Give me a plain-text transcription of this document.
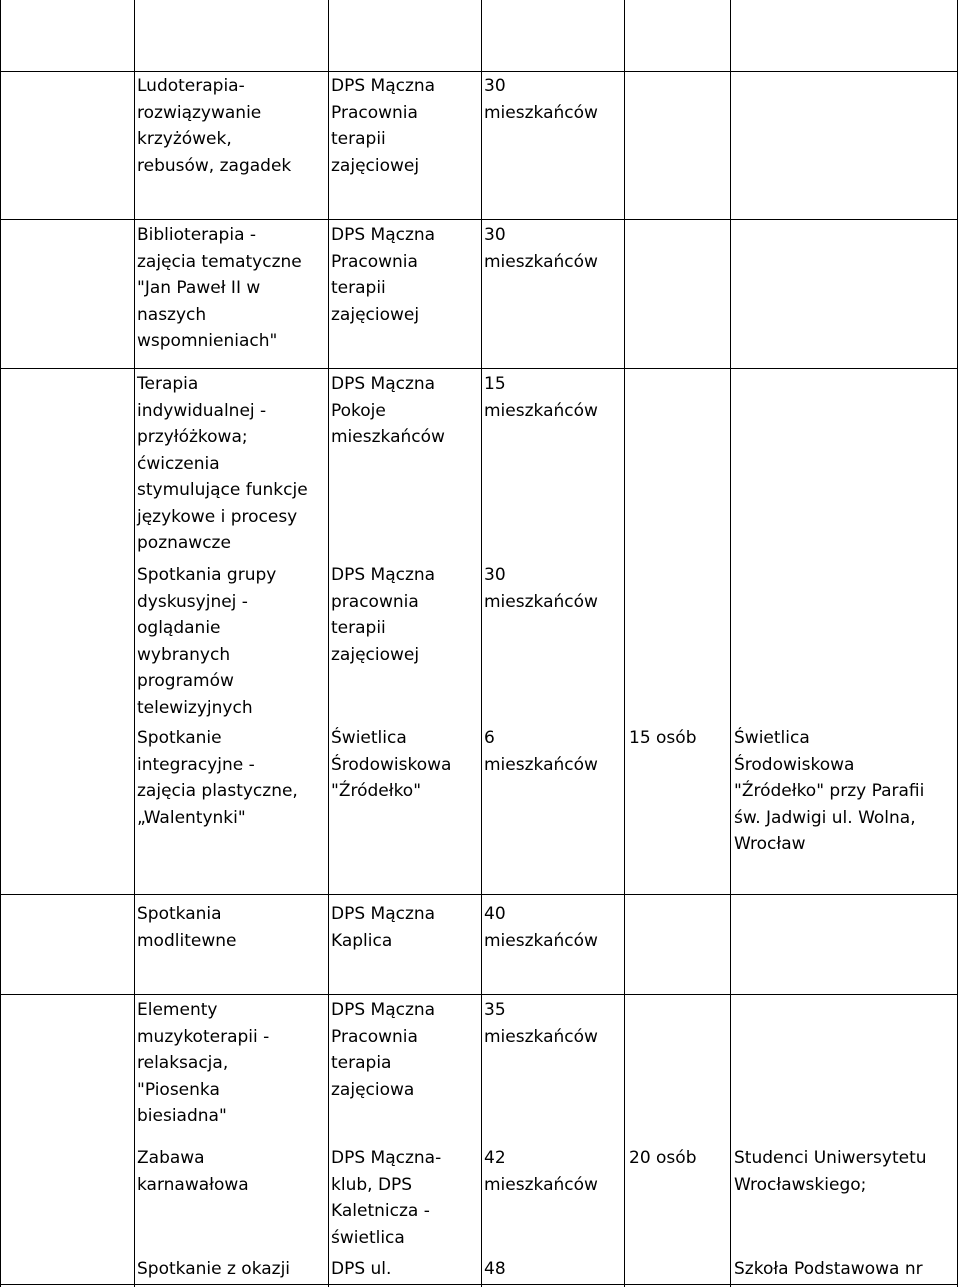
Ludoterapia-
rozwiązywanie
krzyżówek,
rebusów, zagadek
DPS Mączna
Pracownia
terapii
zajęciowej
30
mieszkańców
Biblioterapia -
zajęcia tematyczne
"Jan Paweł II w
naszych
wspomnieniach"
DPS Mączna
Pracownia
terapii
zajęciowej
30
mieszkańców
Terapia
indywidualnej -
przyłóżkowa;
ćwiczenia
stymulujące funkcje
językowe i procesy
poznawcze
DPS Mączna
Pokoje
mieszkańców
15
mieszkańców
Spotkania grupy
dyskusyjnej -
oglądanie
wybranych
programów
telewizyjnych
DPS Mączna
pracownia
terapii
zajęciowej
30
mieszkańców
Spotkanie
integracyjne -
zajęcia plastyczne,
„Walentynki"
Świetlica
Środowiskowa
"Źródełko"
6
mieszkańców
15 osób Świetlica
Środowiskowa
"Źródełko" przy Parafii
św. Jadwigi ul. Wolna,
Wrocław
Spotkania
modlitewne
DPS Mączna
Kaplica
40
mieszkańców
Elementy
muzykoterapii -
relaksacja,
"Piosenka
biesiadna"
DPS Mączna
Pracownia
terapia
zajęciowa
35
mieszkańców
Zabawa
karnawałowa
DPS Mączna-
klub, DPS
Kaletnicza -
świetlica
42
mieszkańców
20 osób Studenci Uniwersytetu
Wrocławskiego;
Spotkanie z okazji DPS ul.	48	Szkoła Podstawowa nr
